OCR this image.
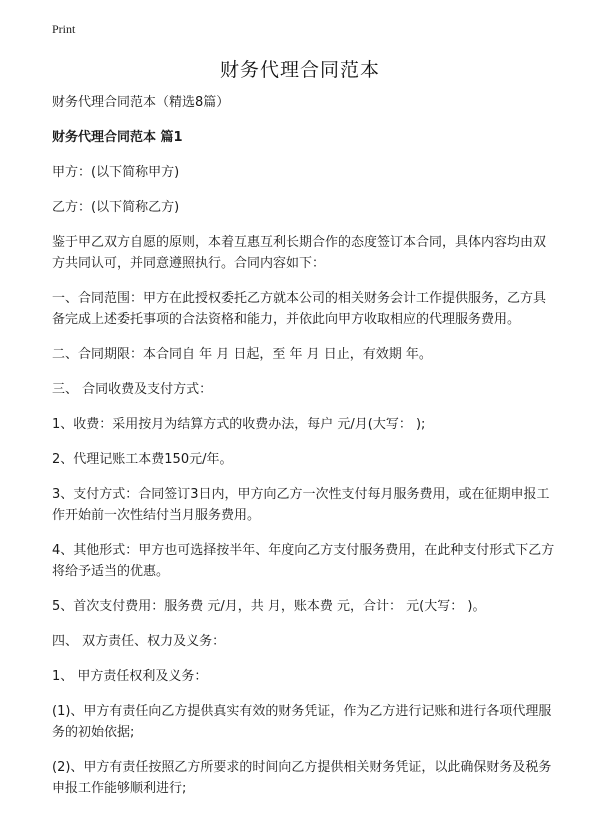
Print
财务代理合同范本

财务代理合同范本（精选8篇）

财务代理合同范本 篇1

甲方：(以下简称甲方)

乙方：(以下简称乙方)

鉴于甲乙双方自愿的原则，本着互惠互利长期合作的态度签订本合同，具体内容均由双方共同认可，并同意遵照执行。合同内容如下：

一、合同范围：甲方在此授权委托乙方就本公司的相关财务会计工作提供服务，乙方具备完成上述委托事项的合法资格和能力，并依此向甲方收取相应的代理服务费用。

二、合同期限：本合同自 年 月 日起，至 年 月 日止，有效期 年。

三、 合同收费及支付方式：

1、收费：采用按月为结算方式的收费办法，每户 元/月(大写： );

2、代理记账工本费150元/年。

3、支付方式：合同签订3日内，甲方向乙方一次性支付每月服务费用，或在征期申报工作开始前一次性结付当月服务费用。

4、其他形式：甲方也可选择按半年、年度向乙方支付服务费用，在此种支付形式下乙方将给予适当的优惠。

5、首次支付费用：服务费 元/月，共 月，账本费 元，合计： 元(大写： )。

四、 双方责任、权力及义务：

1、 甲方责任权利及义务：

(1)、甲方有责任向乙方提供真实有效的财务凭证，作为乙方进行记账和进行各项代理服务的初始依据;

(2)、甲方有责任按照乙方所要求的时间向乙方提供相关财务凭证，以此确保财务及税务申报工作能够顺利进行;
